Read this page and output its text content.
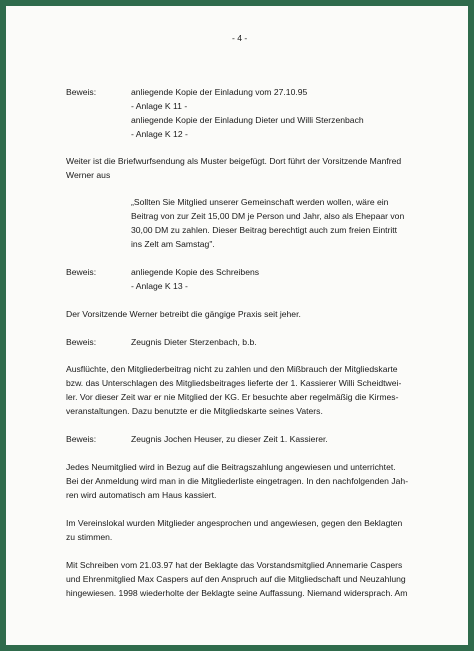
- 4 -
Beweis:	anliegende Kopie der Einladung vom 27.10.95
- Anlage K 11 -
anliegende Kopie der Einladung Dieter und Willi Sterzenbach
- Anlage K 12 -
Weiter ist die Briefwurfsendung als Muster beigefügt. Dort führt der Vorsitzende Manfred
Werner aus
„Sollten Sie Mitglied unserer Gemeinschaft werden wollen, wäre ein
Beitrag von zur Zeit 15,00 DM je Person und Jahr, also als Ehepaar von
30,00 DM zu zahlen. Dieser Beitrag berechtigt auch zum freien Eintritt
ins Zelt am Samstag".
Beweis:	anliegende Kopie des Schreibens
- Anlage K 13 -
Der Vorsitzende Werner betreibt die gängige Praxis seit jeher.
Beweis:	Zeugnis Dieter Sterzenbach, b.b.
Ausflüchte, den Mitgliederbeitrag nicht zu zahlen und den Mißbrauch der Mitgliedskarte
bzw. das Unterschlagen des Mitgliedsbeitrages lieferte der 1. Kassierer Willi Scheidtwei-
ler. Vor dieser Zeit war er nie Mitglied der KG. Er besuchte aber regelmäßig die Kirmes-
veranstaltungen. Dazu benutzte er die Mitgliedskarte seines Vaters.
Beweis:	Zeugnis Jochen Heuser, zu dieser Zeit 1. Kassierer.
Jedes Neumitglied wird in Bezug auf die Beitragszahlung angewiesen und unterrichtet.
Bei der Anmeldung wird man in die Mitgliederliste eingetragen. In den nachfolgenden Jah-
ren wird automatisch am Haus kassiert.
Im Vereinslokal wurden Mitglieder angesprochen und angewiesen, gegen den Beklagten
zu stimmen.
Mit Schreiben vom 21.03.97 hat der Beklagte das Vorstandsmitglied Annemarie Caspers
und Ehrenmitglied Max Caspers auf den Anspruch auf die Mitgliedschaft und Neuzahlung
hingewiesen. 1998 wiederholte der Beklagte seine Auffassung. Niemand widersprach. Am
